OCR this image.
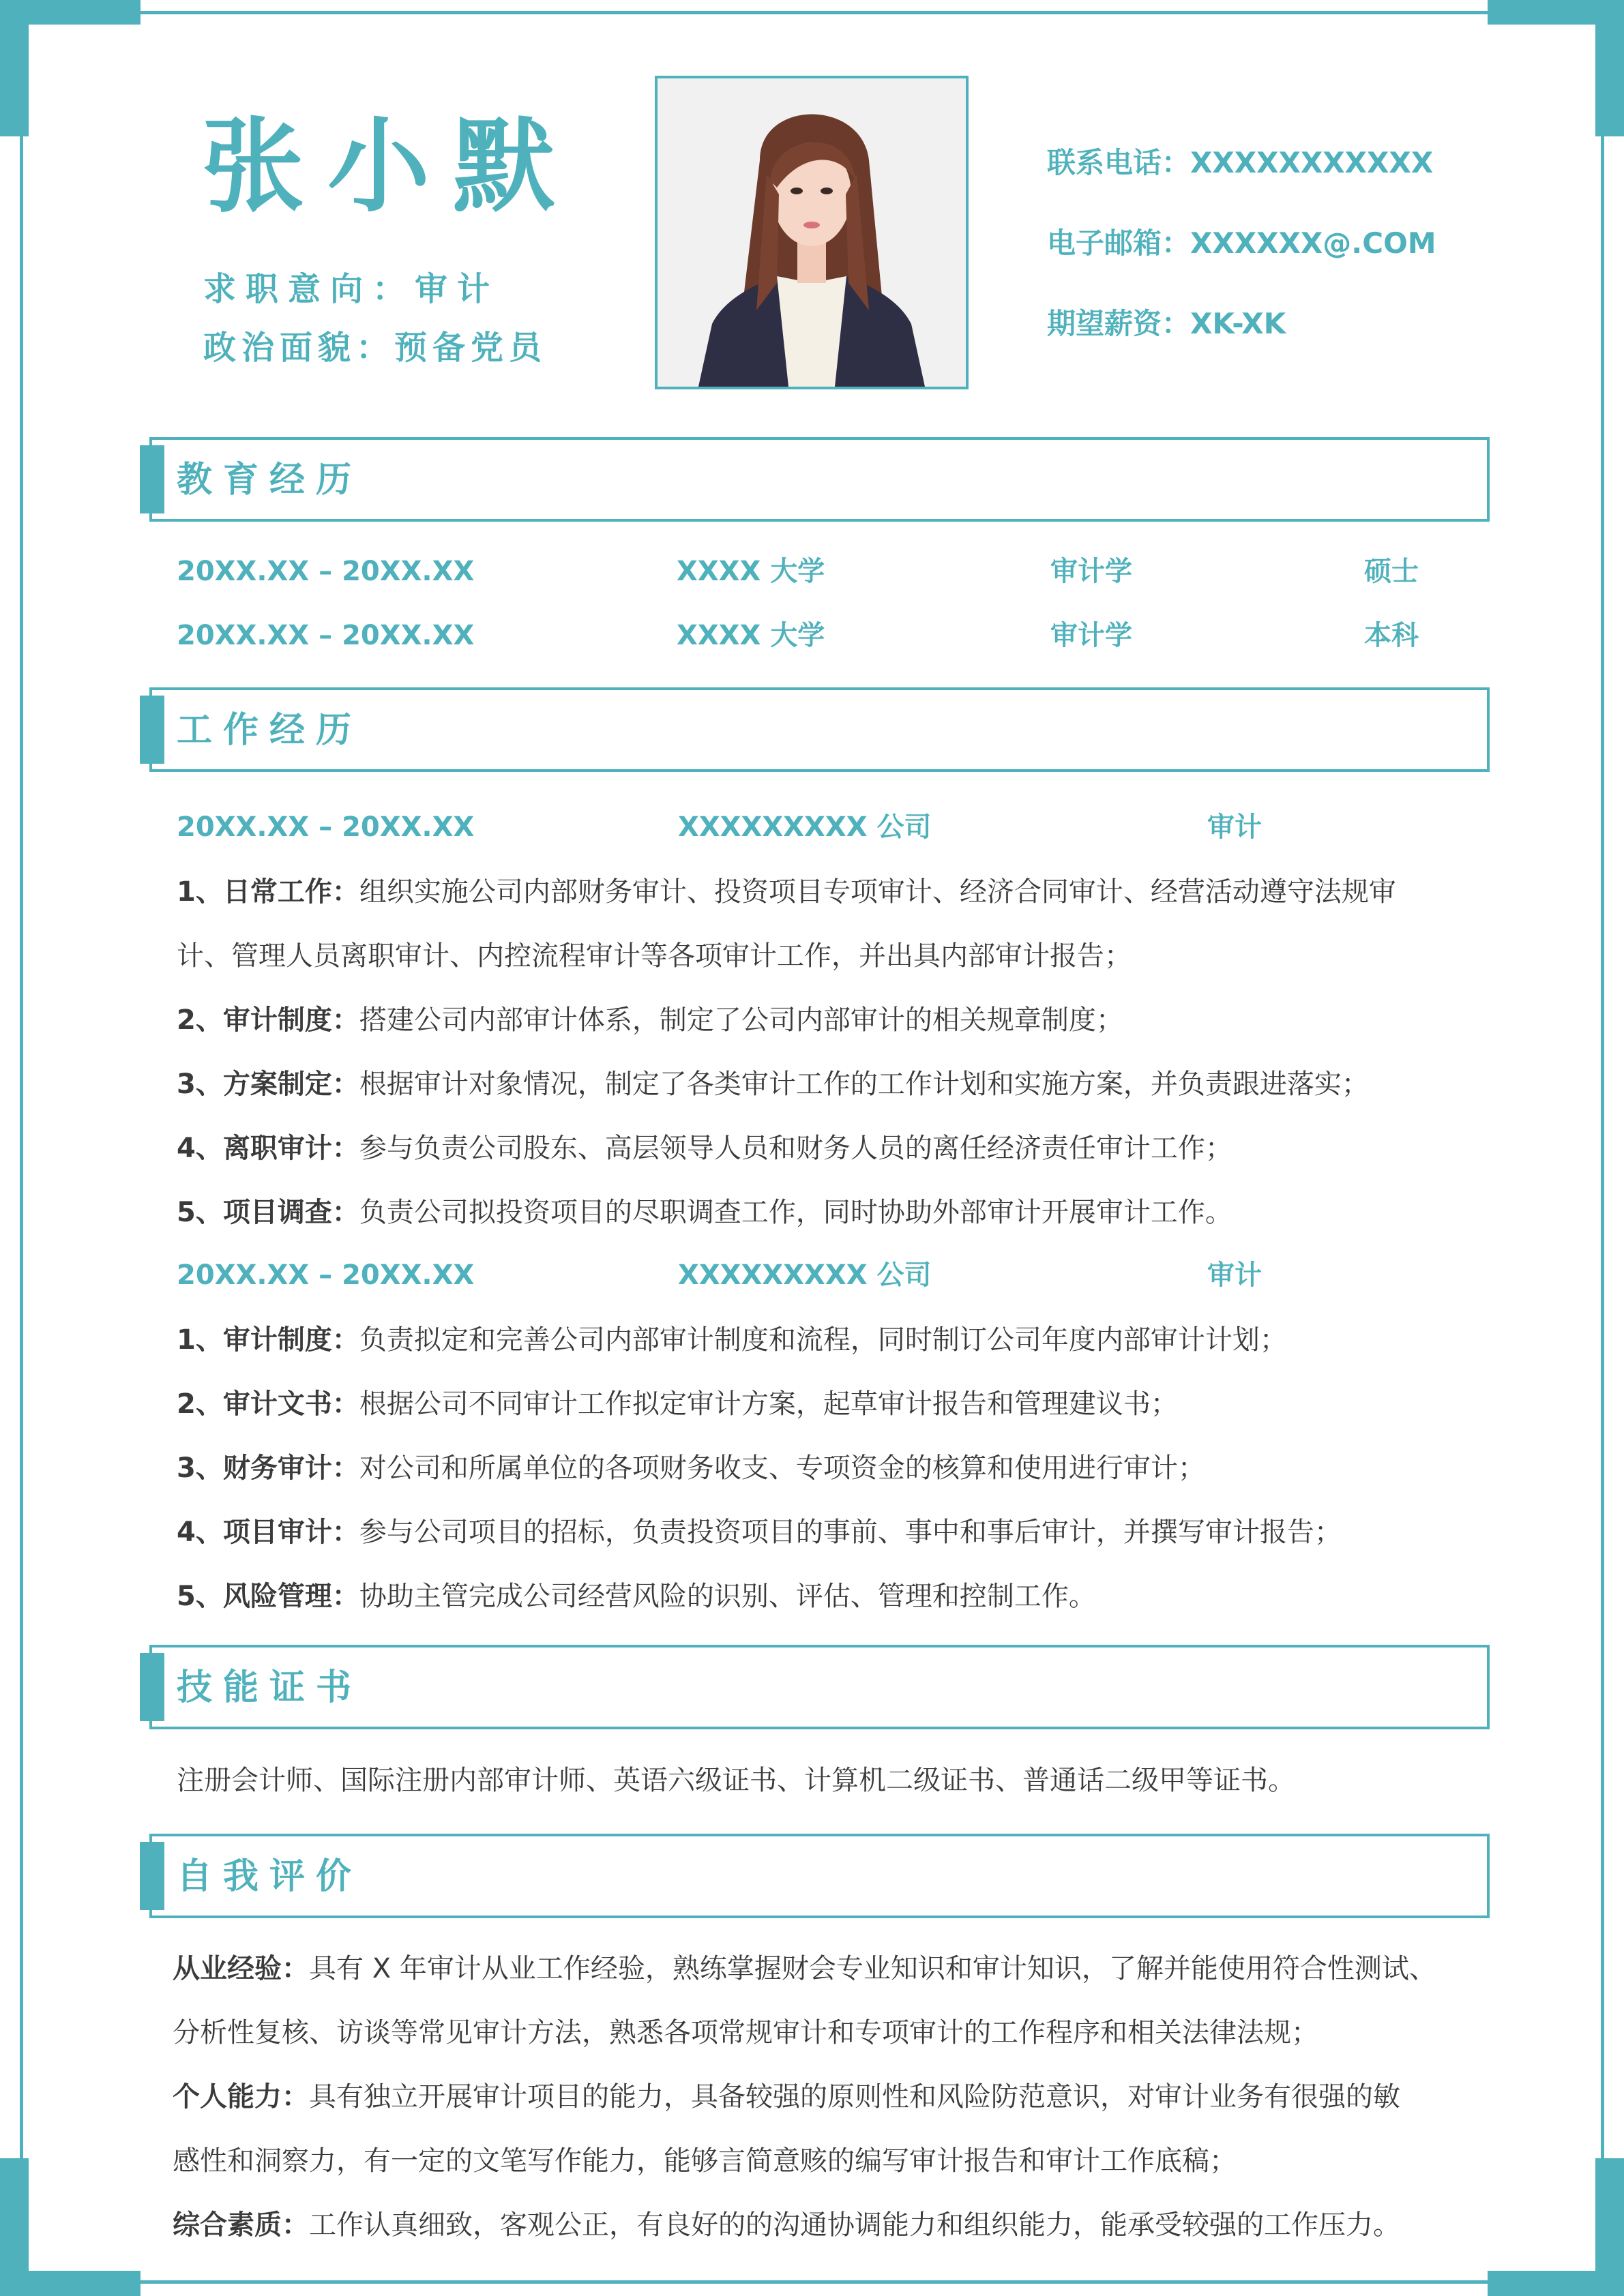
张小默
求职意向：审计
政治面貌：预备党员
联系电话：XXXXXXXXXXX
电子邮箱：XXXXXX@.COM
期望薪资：XK-XK
教育经历
20XX.XX – 20XX.XX	XXXX 大学	审计学	硕士
20XX.XX – 20XX.XX	XXXX 大学	审计学	本科
工作经历
20XX.XX – 20XX.XX	XXXXXXXXX 公司	审计
1、日常工作：组织实施公司内部财务审计、投资项目专项审计、经济合同审计、经营活动遵守法规审
计、管理人员离职审计、内控流程审计等各项审计工作，并出具内部审计报告；
2、审计制度：搭建公司内部审计体系，制定了公司内部审计的相关规章制度；
3、方案制定：根据审计对象情况，制定了各类审计工作的工作计划和实施方案，并负责跟进落实；
4、离职审计：参与负责公司股东、高层领导人员和财务人员的离任经济责任审计工作；
5、项目调查：负责公司拟投资项目的尽职调查工作，同时协助外部审计开展审计工作。
20XX.XX – 20XX.XX	XXXXXXXXX 公司	审计
1、审计制度：负责拟定和完善公司内部审计制度和流程，同时制订公司年度内部审计计划；
2、审计文书：根据公司不同审计工作拟定审计方案，起草审计报告和管理建议书；
3、财务审计：对公司和所属单位的各项财务收支、专项资金的核算和使用进行审计；
4、项目审计：参与公司项目的招标，负责投资项目的事前、事中和事后审计，并撰写审计报告；
5、风险管理：协助主管完成公司经营风险的识别、评估、管理和控制工作。
技能证书
注册会计师、国际注册内部审计师、英语六级证书、计算机二级证书、普通话二级甲等证书。
自我评价
从业经验：具有 X 年审计从业工作经验，熟练掌握财会专业知识和审计知识，了解并能使用符合性测试、
分析性复核、访谈等常见审计方法，熟悉各项常规审计和专项审计的工作程序和相关法律法规；
个人能力：具有独立开展审计项目的能力，具备较强的原则性和风险防范意识，对审计业务有很强的敏
感性和洞察力，有一定的文笔写作能力，能够言简意赅的编写审计报告和审计工作底稿；
综合素质：工作认真细致，客观公正，有良好的的沟通协调能力和组织能力，能承受较强的工作压力。
